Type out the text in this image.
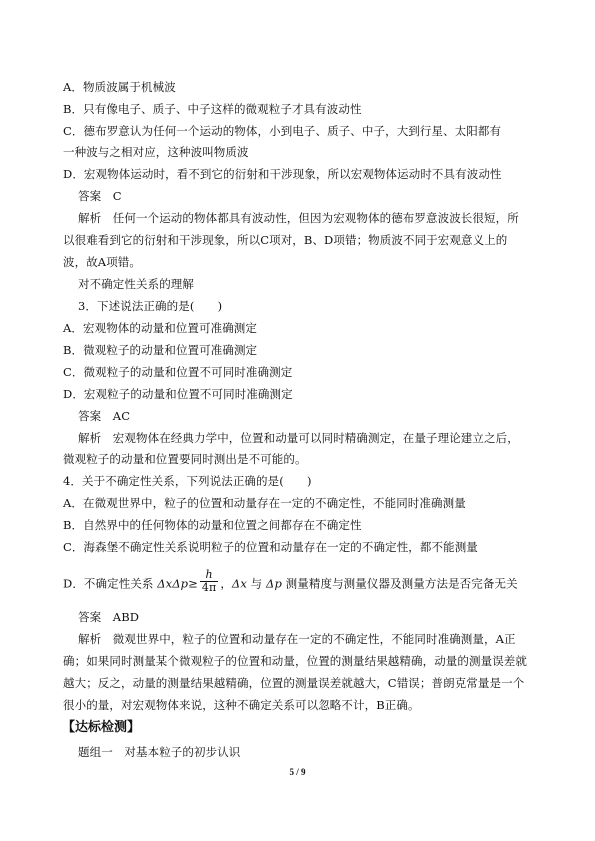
A．物质波属于机械波
B．只有像电子、质子、中子这样的微观粒子才具有波动性
C．德布罗意认为任何一个运动的物体，小到电子、质子、中子，大到行星、太阳都有
一种波与之相对应，这种波叫物质波
D．宏观物体运动时，看不到它的衍射和干涉现象，所以宏观物体运动时不具有波动性
答案　C
解析　任何一个运动的物体都具有波动性，但因为宏观物体的德布罗意波波长很短，所
以很难看到它的衍射和干涉现象，所以C项对，B、D项错；物质波不同于宏观意义上的
波，故A项错。
对不确定性关系的理解
3．下述说法正确的是(　　)
A．宏观物体的动量和位置可准确测定
B．微观粒子的动量和位置可准确测定
C．微观粒子的动量和位置不可同时准确测定
D．宏观粒子的动量和位置不可同时准确测定
答案　AC
解析　宏观物体在经典力学中，位置和动量可以同时精确测定，在量子理论建立之后，
微观粒子的动量和位置要同时测出是不可能的。
4．关于不确定性关系，下列说法正确的是(　　)
A．在微观世界中，粒子的位置和动量存在一定的不确定性，不能同时准确测量
B．自然界中的任何物体的动量和位置之间都存在不确定性
C．海森堡不确定性关系说明粒子的位置和动量存在一定的不确定性，都不能测量
D．不确定性关系 $\Delta x\Delta p\ge \frac{h}{4\pi}$ ，Δx 与 Δp 测量精度与测量仪器及测量方法是否完备无关
答案　ABD
解析　微观世界中，粒子的位置和动量存在一定的不确定性，不能同时准确测量，A正
确；如果同时测量某个微观粒子的位置和动量，位置的测量结果越精确，动量的测量误差就
越大；反之，动量的测量结果越精确，位置的测量误差就越大，C错误；普朗克常量是一个
很小的量，对宏观物体来说，这种不确定关系可以忽略不计，B正确。
【达标检测】
题组一　对基本粒子的初步认识
5 / 9
